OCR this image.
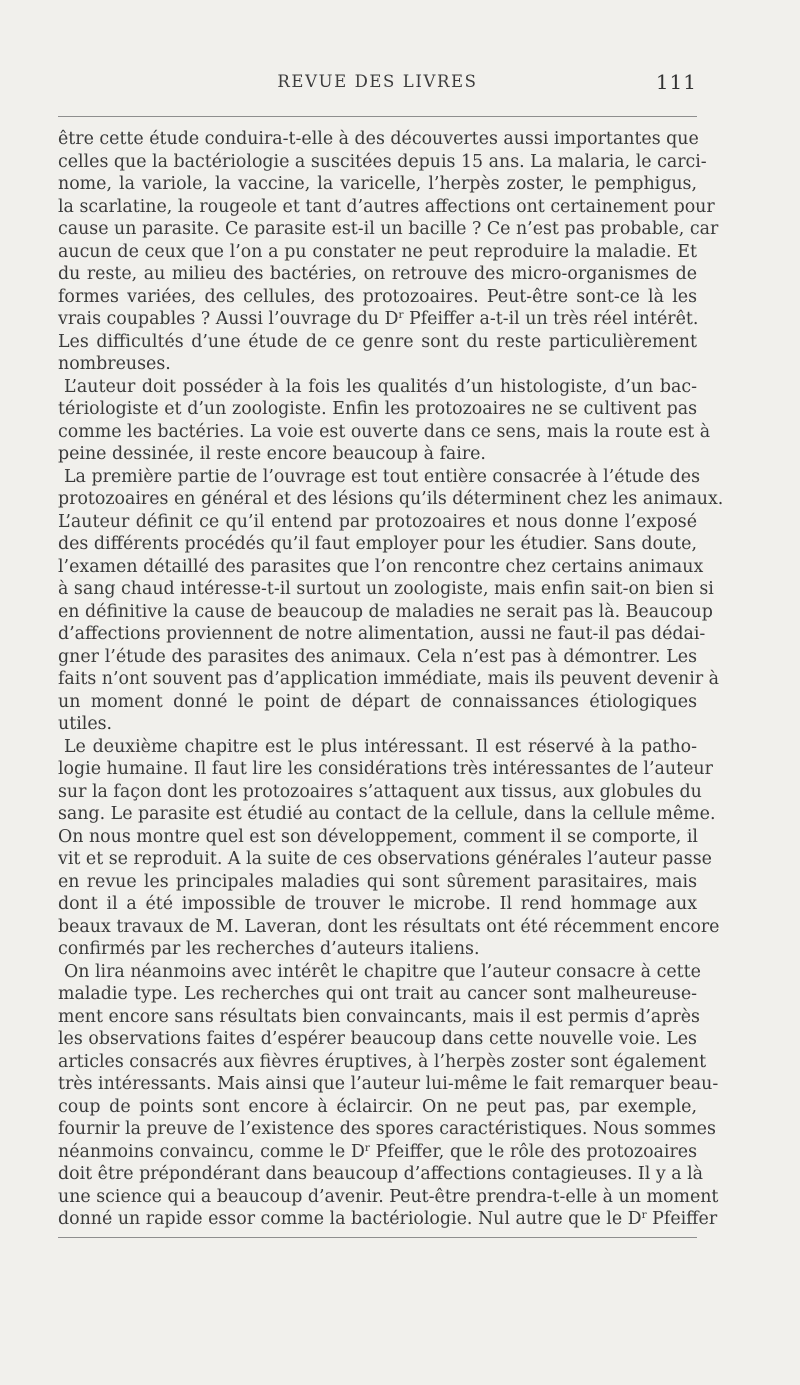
REVUE DES LIVRES	111
être cette étude conduira-t-elle à des découvertes aussi importantes que
celles que la bactériologie a suscitées depuis 15 ans. La malaria, le carci-
nome, la variole, la vaccine, la varicelle, l’herpès zoster, le pemphigus,
la scarlatine, la rougeole et tant d’autres affections ont certainement pour
cause un parasite. Ce parasite est-il un bacille ? Ce n’est pas probable, car
aucun de ceux que l’on a pu constater ne peut reproduire la maladie. Et
du reste, au milieu des bactéries, on retrouve des micro-organismes de
formes variées, des cellules, des protozoaires. Peut-être sont-ce là les
vrais coupables ? Aussi l’ouvrage du $D^r$ Pfeiffer a-t-il un très réel intérêt.
Les difficultés d’une étude de ce genre sont du reste particulièrement
nombreuses.
L’auteur doit posséder à la fois les qualités d’un histologiste, d’un bac-
tériologiste et d’un zoologiste. Enfin les protozoaires ne se cultivent pas
comme les bactéries. La voie est ouverte dans ce sens, mais la route est à
peine dessinée, il reste encore beaucoup à faire.
La première partie de l’ouvrage est tout entière consacrée à l’étude des
protozoaires en général et des lésions qu’ils déterminent chez les animaux.
L’auteur définit ce qu’il entend par protozoaires et nous donne l’exposé
des différents procédés qu’il faut employer pour les étudier. Sans doute,
l’examen détaillé des parasites que l’on rencontre chez certains animaux
à sang chaud intéresse-t-il surtout un zoologiste, mais enfin sait-on bien si
en définitive la cause de beaucoup de maladies ne serait pas là. Beaucoup
d’affections proviennent de notre alimentation, aussi ne faut-il pas dédai-
gner l’étude des parasites des animaux. Cela n’est pas à démontrer. Les
faits n’ont souvent pas d’application immédiate, mais ils peuvent devenir à
un moment donné le point de départ de connaissances étiologiques
utiles.
Le deuxième chapitre est le plus intéressant. Il est réservé à la patho-
logie humaine. Il faut lire les considérations très intéressantes de l’auteur
sur la façon dont les protozoaires s’attaquent aux tissus, aux globules du
sang. Le parasite est étudié au contact de la cellule, dans la cellule même.
On nous montre quel est son développement, comment il se comporte, il
vit et se reproduit. A la suite de ces observations générales l’auteur passe
en revue les principales maladies qui sont sûrement parasitaires, mais
dont il a été impossible de trouver le microbe. Il rend hommage aux
beaux travaux de M. Laveran, dont les résultats ont été récemment encore
confirmés par les recherches d’auteurs italiens.
On lira néanmoins avec intérêt le chapitre que l’auteur consacre à cette
maladie type. Les recherches qui ont trait au cancer sont malheureuse-
ment encore sans résultats bien convaincants, mais il est permis d’après
les observations faites d’espérer beaucoup dans cette nouvelle voie. Les
articles consacrés aux fièvres éruptives, à l’herpès zoster sont également
très intéressants. Mais ainsi que l’auteur lui-même le fait remarquer beau-
coup de points sont encore à éclaircir. On ne peut pas, par exemple,
fournir la preuve de l’existence des spores caractéristiques. Nous sommes
néanmoins convaincu, comme le $D^r$ Pfeiffer, que le rôle des protozoaires
doit être prépondérant dans beaucoup d’affections contagieuses. Il y a là
une science qui a beaucoup d’avenir. Peut-être prendra-t-elle à un moment
donné un rapide essor comme la bactériologie. Nul autre que le $D^r$ Pfeiffer
